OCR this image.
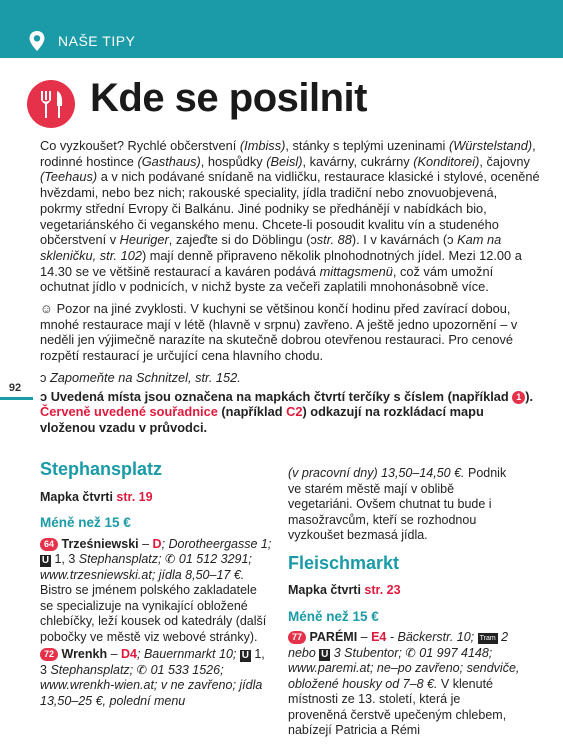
NAŠE TIPY
Kde se posilnit

Co vyzkoušet? Rychlé občerstvení (Imbiss), stánky s teplými uzeninami (Würstelstand), rodinné hostince (Gasthaus), hospůdky (Beisl), kavárny, cukrárny (Konditorei), čajovny (Teehaus) a v nich podávané snídaně na vidličku, restaurace klasické i stylové, oceněné hvězdami, nebo bez nich; rakouské speciality, jídla tradiční nebo znovuobjevená, pokrmy střední Evropy či Balkánu. Jiné podniky se předhánějí v nabídkách bio, vegetariánského či veganského menu. Chcete-li posoudit kvalitu vín a studeného občerstvení v Heuriger, zajeďte si do Döblingu (ↄstr. 88). I v kavárnách (ↄ Kam na skleničku, str. 102) mají denně připraveno několik plnohodnotných jídel. Mezi 12.00 a 14.30 se ve většině restaurací a kaváren podává mittagsmenü, což vám umožní ochutnat jídlo v podnicích, v nichž byste za večeři zaplatili mnohonásobně více.

☺ Pozor na jiné zvyklosti. V kuchyni se většinou končí hodinu před zavírací dobou, mnohé restaurace mají v létě (hlavně v srpnu) zavřeno. A ještě jedno upozornění – v neděli jen výjimečně narazíte na skutečně dobrou otevřenou restauraci. Pro cenové rozpětí restaurací je určující cena hlavního chodu.

ↄ Zapomeňte na Schnitzel, str. 152.

ↄ Uvedená místa jsou označena na mapkách čtvrtí terčíky s číslem (například 1 ).
Červeně uvedené souřadnice (například C2) odkazují na rozkládací mapu vloženou vzadu v průvodci.

92
Stephansplatz
Mapka čtvrti str. 19
Méně než 15 €
64 Trześniewski – D; Dorotheergasse 1; U 1, 3 Stephansplatz; ✆ 01 512 3291; www.trzesniewski.at; jídla 8,50–17 €. Bistro se jménem polského zakladatele se specializuje na vynikající obložené chlebíčky, leží kousek od katedrály (další pobočky ve městě viz webové stránky).
72 Wrenkh – D4; Bauernmarkt 10; U 1, 3 Stephansplatz; ✆ 01 533 1526; www.wrenkh-wien.at; v ne zavřeno; jídla 13,50–25 €, polední menu
(v pracovní dny) 13,50–14,50 €. Podnik ve starém městě mají v oblibě vegetariáni. Ovšem chutnat tu bude i masožravcům, kteří se rozhodnou vyzkoušet bezmasá jídla.
Fleischmarkt
Mapka čtvrti str. 23
Méně než 15 €
77 PARÉMI – E4 - Bäckerstr. 10; Tram 2 nebo U 3 Stubentor; ✆ 01 997 4148; www.paremi.at; ne–po zavřeno; sendviče, obložené housky od 7–8 €. V klenuté místnosti ze 13. století, která je proveněná čerstvě upečeným chlebem, nabízejí Patricia a Rémi
